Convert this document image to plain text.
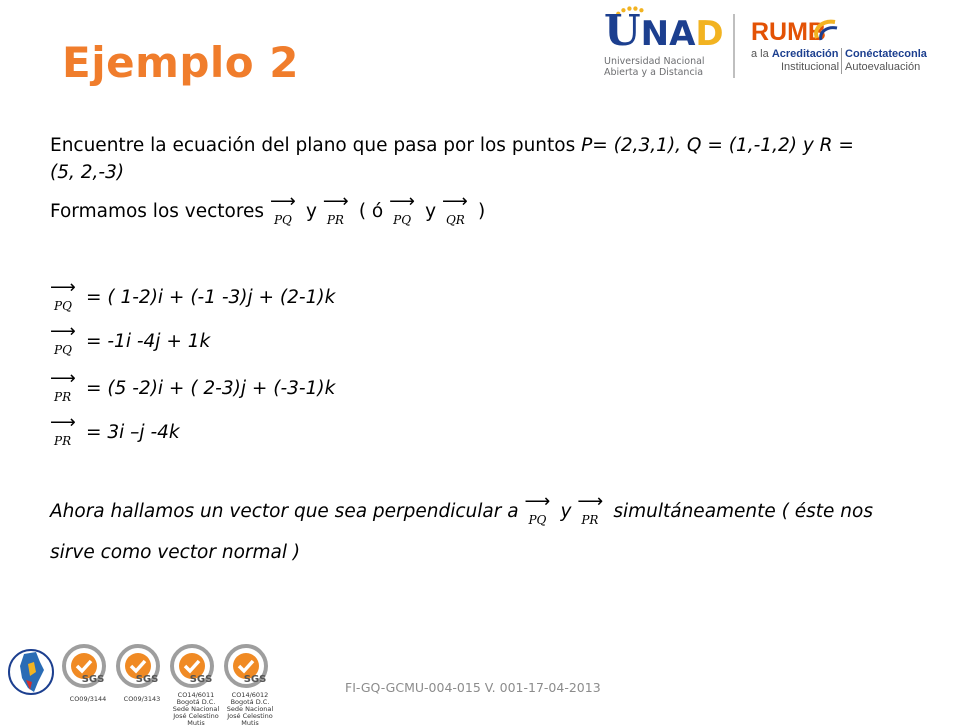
Ejemplo 2
UNAD
Universidad Nacional
Abierta y a Distancia
RUMB
a la Acreditación
Institucional
Conéctateconla
Autoevaluación
Encuentre la ecuación del plano que pasa por los puntos P= (2,3,1), Q = (1,-1,2) y R =
(5, 2,-3)
Formamos los vectores ⟶
PQ y ⟶
PR ( ó ⟶
PQ y ⟶
QR )
⟶
PQ = ( 1-2)i + (-1 -3)j + (2-1)k
⟶
PQ = -1i -4j + 1k
⟶
PR = (5 -2)i + ( 2-3)j + (-3-1)k
⟶
PR = 3i –j -4k
Ahora hallamos un vector que sea perpendicular a ⟶
PQ y ⟶
PR simultáneamente ( éste nos
sirve como vector normal )
SGS
CO09/3144
SGS
CO09/3143
SGS
CO14/6011 Bogotá D.C. Sede Nacional José Celestino Mutis
SGS
CO14/6012 Bogotá D.C. Sede Nacional José Celestino Mutis
FI-GQ-GCMU-004-015 V. 001-17-04-2013
